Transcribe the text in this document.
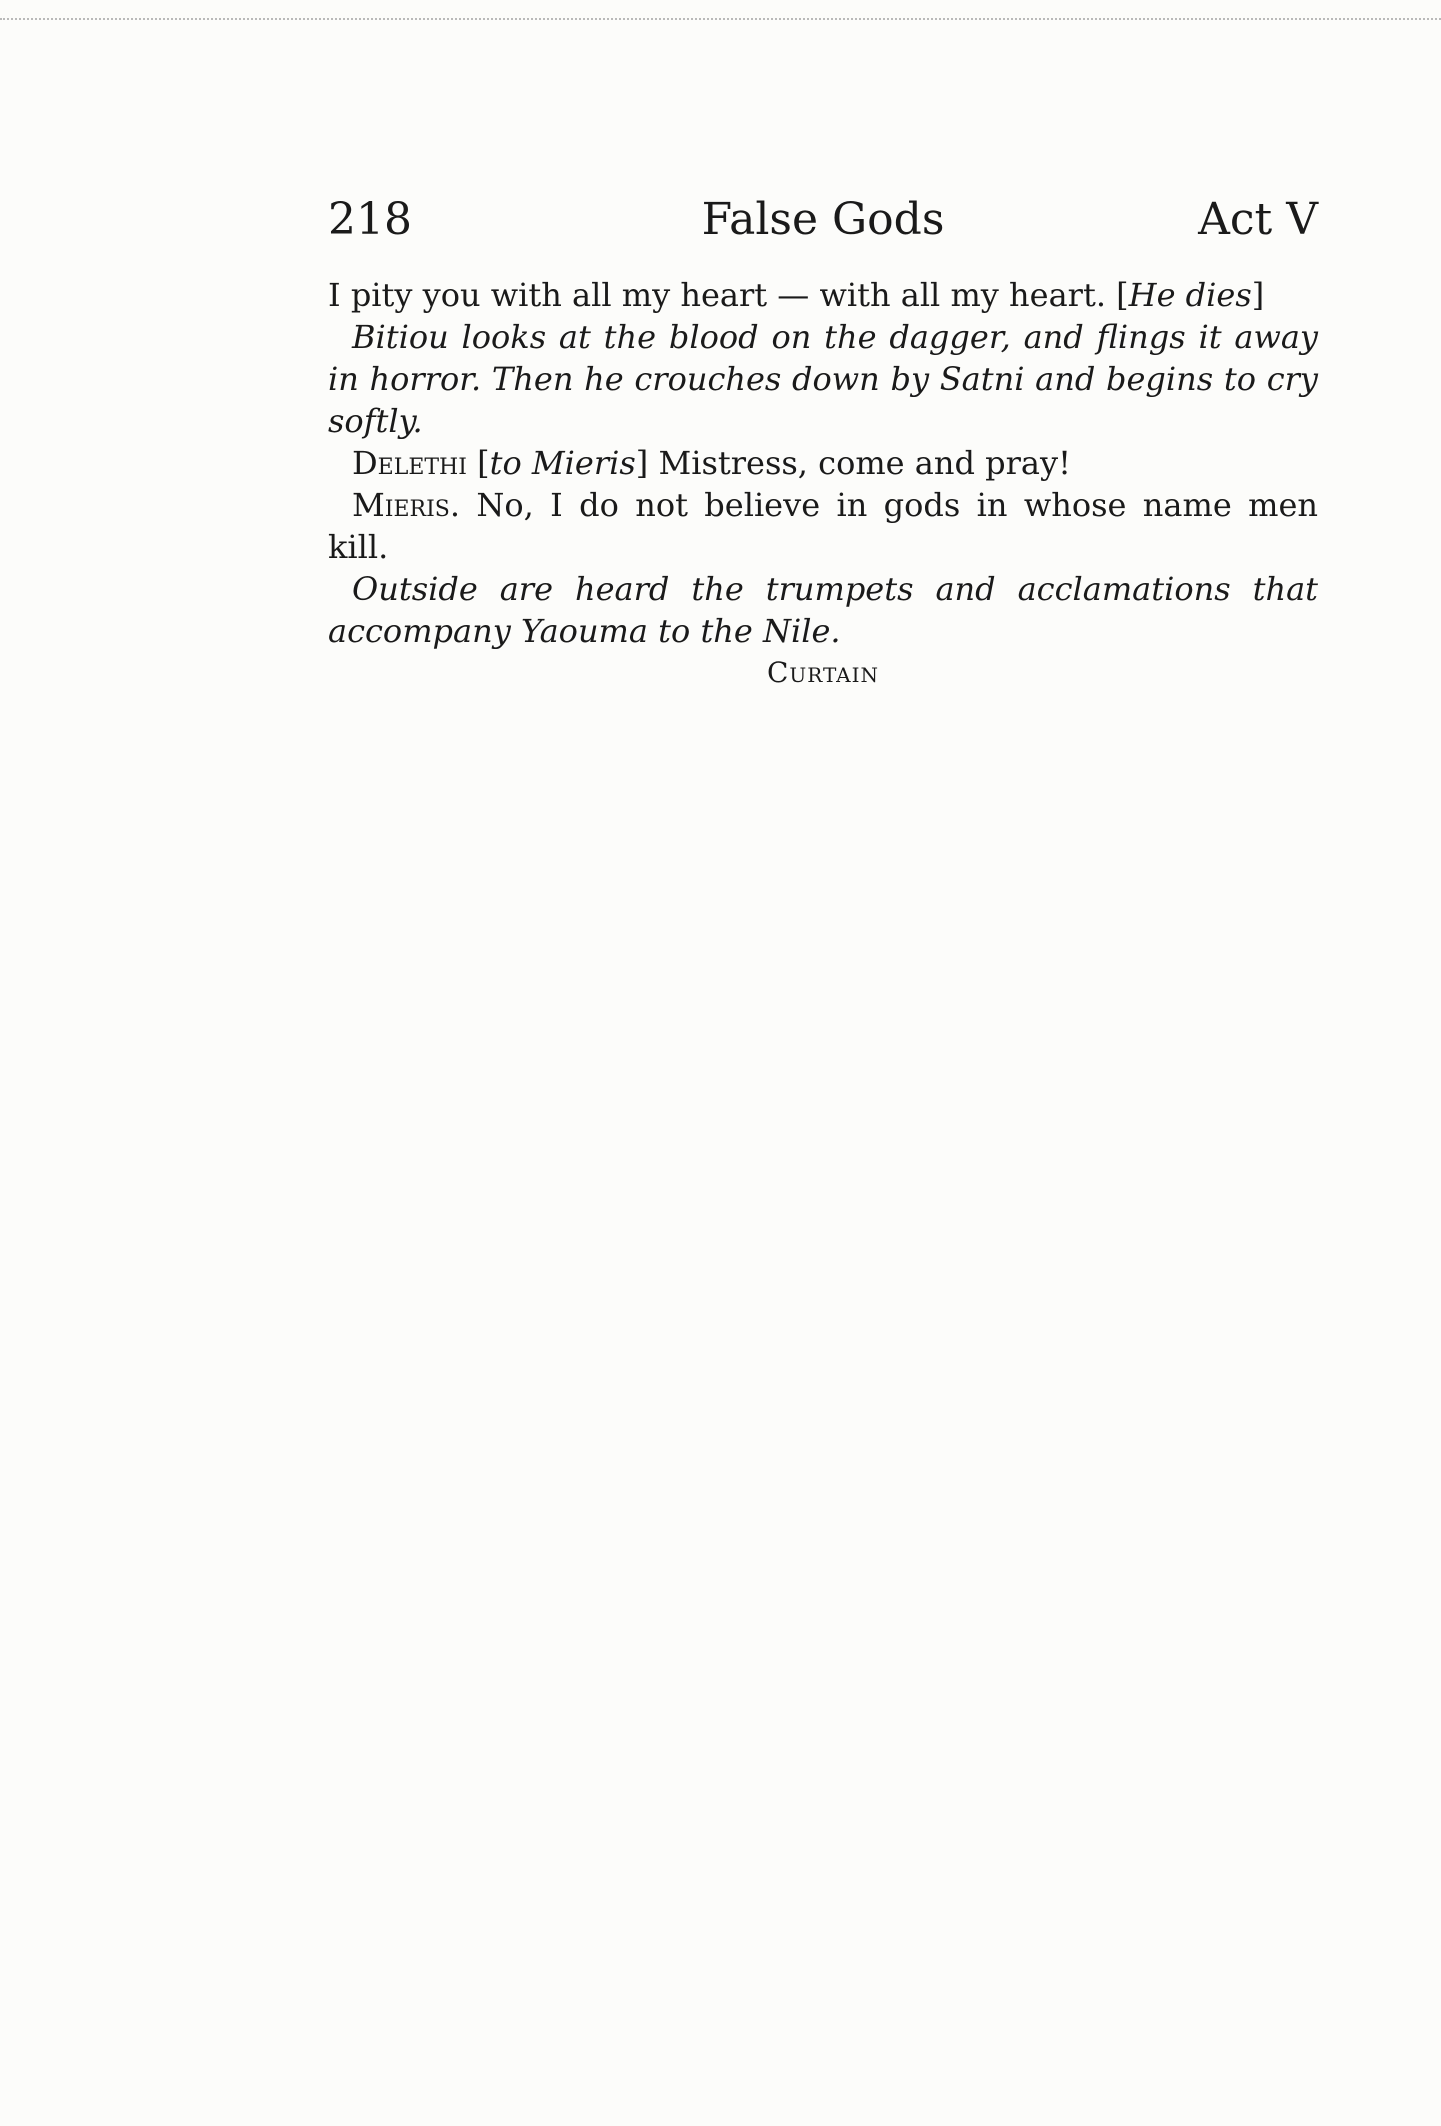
218	False Gods	Act V

I pity you with all my heart — with all my heart. [He dies]

Bitiou looks at the blood on the dagger, and flings it away in horror. Then he crouches down by Satni and begins to cry softly.

Delethi [to Mieris] Mistress, come and pray!

Mieris. No, I do not believe in gods in whose name men kill.

Outside are heard the trumpets and acclamations that accompany Yaouma to the Nile.

Curtain
